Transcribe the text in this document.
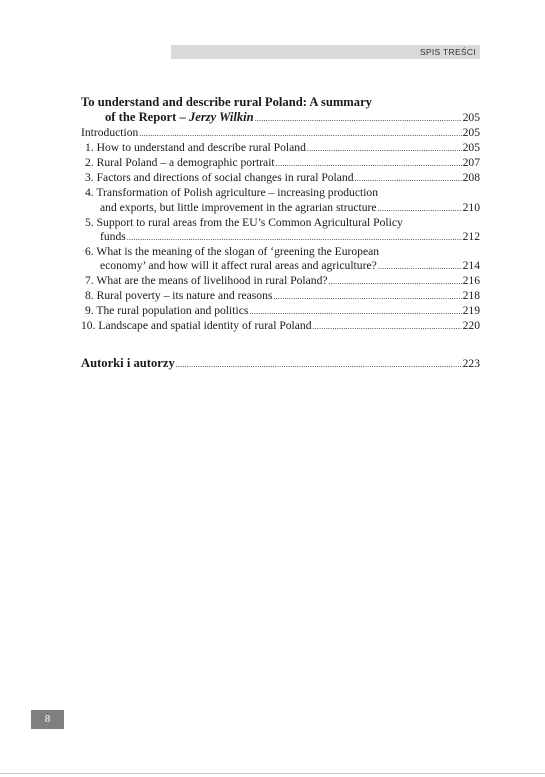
SPIS TREŚCI
To understand and describe rural Poland: A summary
of the Report – Jerzy Wilkin .....	205
Introduction .....	205
1. How to understand and describe rural Poland .....	205
2. Rural Poland – a demographic portrait .....	207
3. Factors and directions of social changes in rural Poland .....	208
4. Transformation of Polish agriculture – increasing production
and exports, but little improvement in the agrarian structure .....	210
5. Support to rural areas from the EU’s Common Agricultural Policy
funds .....	212
6. What is the meaning of the slogan of ‘greening the European
economy’ and how will it affect rural areas and agriculture? .....	214
7. What are the means of livelihood in rural Poland? .....	216
8. Rural poverty – its nature and reasons .....	218
9. The rural population and politics .....	219
10. Landscape and spatial identity of rural Poland .....	220
Autorki i autorzy .....	223
8
